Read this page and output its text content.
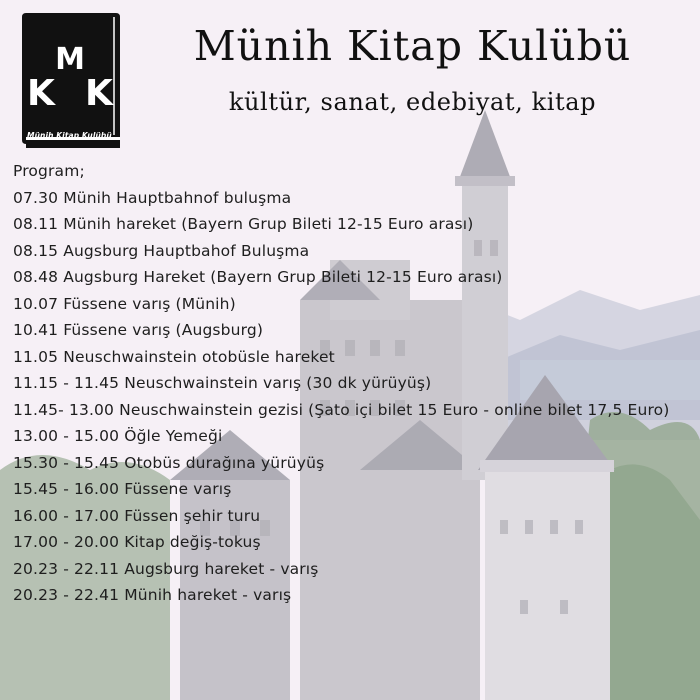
M
K K
Münih Kitap Kulübü
Münih Kitap Kulübü
kültür, sanat, edebiyat, kitap
Program;
07.30 Münih Hauptbahnof buluşma
08.11 Münih hareket (Bayern Grup Bileti 12-15 Euro arası)
08.15 Augsburg Hauptbahof Buluşma
08.48 Augsburg Hareket (Bayern Grup Bileti 12-15 Euro arası)
10.07 Füssene varış (Münih)
10.41 Füssene varış (Augsburg)
11.05 Neuschwainstein otobüsle hareket
11.15 - 11.45 Neuschwainstein varış (30 dk yürüyüş)
11.45- 13.00 Neuschwainstein gezisi (Şato içi bilet 15 Euro - online bilet 17,5 Euro)
13.00 - 15.00 Öğle Yemeği
15.30 - 15.45 Otobüs durağına yürüyüş
15.45 - 16.00 Füssene varış
16.00 - 17.00 Füssen şehir turu
17.00 - 20.00 Kitap değiş-tokuş
20.23 - 22.11 Augsburg hareket - varış
20.23 - 22.41 Münih hareket - varış
